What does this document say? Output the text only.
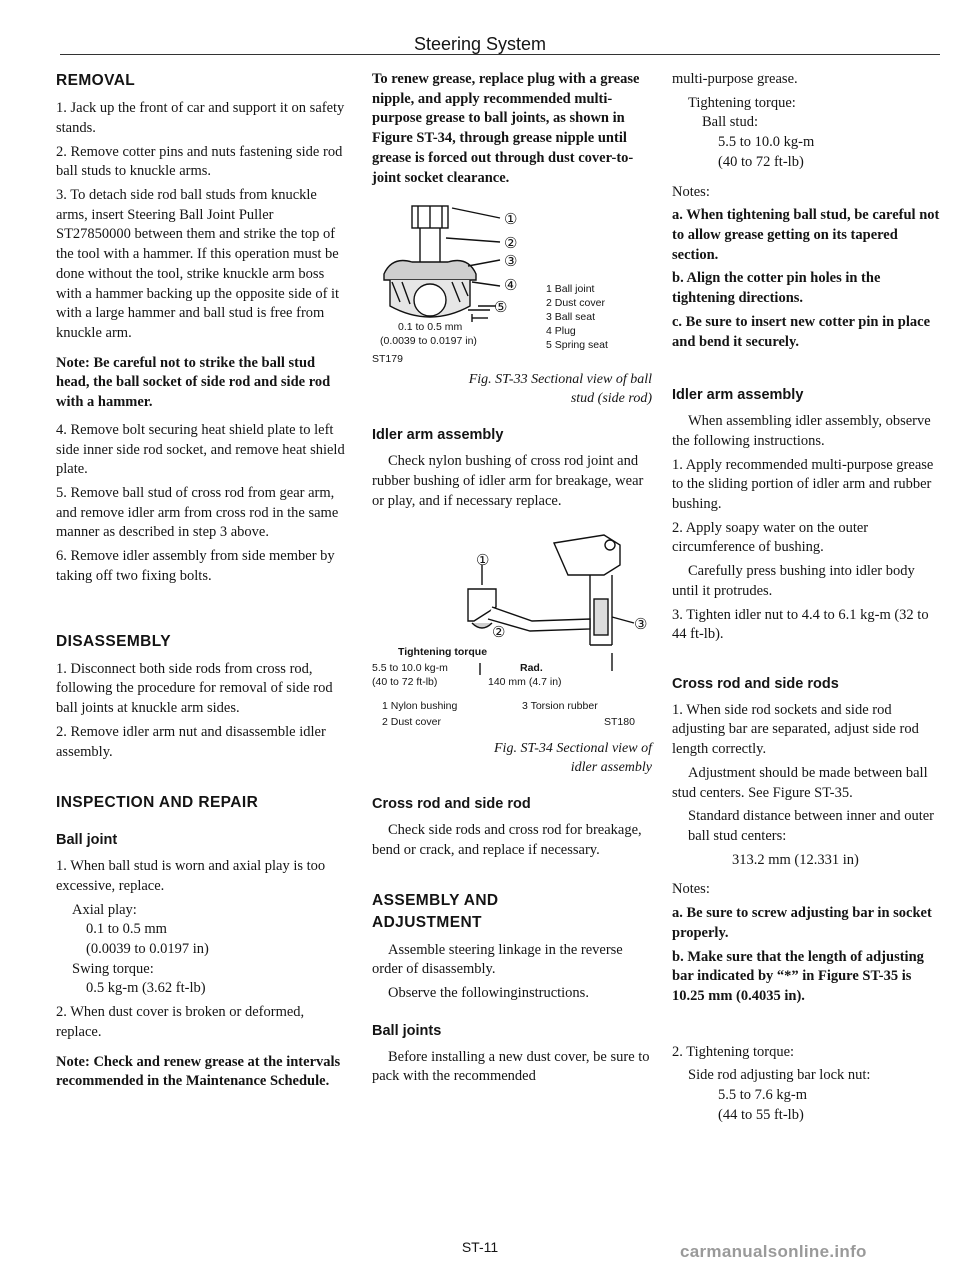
Steering System
REMOVAL

1. Jack up the front of car and support it on safety stands.

2. Remove cotter pins and nuts fastening side rod ball studs to knuckle arms.

3. To detach side rod ball studs from knuckle arms, insert Steering Ball Joint Puller ST27850000 between them and strike the top of the tool with a hammer. If this operation must be done without the tool, strike knuckle arm boss with a hammer backing up the opposite side of it with a large hammer and ball stud is free from knuckle arm.

Note: Be careful not to strike the ball stud head, the ball socket of side rod and side rod with a hammer.

4. Remove bolt securing heat shield plate to left side inner side rod socket, and remove heat shield plate.

5. Remove ball stud of cross rod from gear arm, and remove idler arm from cross rod in the same manner as described in step 3 above.

6. Remove idler assembly from side member by taking off two fixing bolts.

DISASSEMBLY

1. Disconnect both side rods from cross rod, following the procedure for removal of side rod ball joints at knuckle arm sides.

2. Remove idler arm nut and disassemble idler assembly.

INSPECTION AND REPAIR
Ball joint

1. When ball stud is worn and axial play is too excessive, replace.

Axial play:
0.1 to 0.5 mm
(0.0039 to 0.0197 in)
Swing torque:
0.5 kg-m (3.62 ft-lb)

2. When dust cover is broken or deformed, replace.

Note: Check and renew grease at the intervals recommended in the Maintenance Schedule.

To renew grease, replace plug with a grease nipple, and apply recommended multi-purpose grease to ball joints, as shown in Figure ST-34, through grease nipple until grease is forced out through dust cover-to-joint socket clearance.

①
②
③
④
⑤
0.1 to 0.5 mm
(0.0039 to 0.0197 in)
ST179
1 Ball joint
2 Dust cover
3 Ball seat
4 Plug
5 Spring seat
Fig. ST-33 Sectional view of ball
stud (side rod)
Idler arm assembly

Check nylon bushing of cross rod joint and rubber bushing of idler arm for breakage, wear or play, and if necessary replace.

①
②	③
Tightening torque
5.5 to 10.0 kg-m
(40 to 72 ft-lb)
Rad.
140 mm (4.7 in)
1 Nylon bushing
2 Dust cover
3 Torsion rubber
ST180
Fig. ST-34 Sectional view of
idler assembly
Cross rod and side rod

Check side rods and cross rod for breakage, bend or crack, and replace if necessary.

ASSEMBLY AND
ADJUSTMENT

Assemble steering linkage in the reverse order of disassembly.

Observe the followinginstructions.

Ball joints

Before installing a new dust cover, be sure to pack with the recommended

multi-purpose grease.

Tightening torque:
Ball stud:
5.5 to 10.0 kg-m
(40 to 72 ft-lb)

Notes:

a. When tightening ball stud, be careful not to allow grease getting on its tapered section.

b. Align the cotter pin holes in the tightening directions.

c. Be sure to insert new cotter pin in place and bend it securely.

Idler arm assembly

When assembling idler assembly, observe the following instructions.

1. Apply recommended multi-purpose grease to the sliding portion of idler arm and rubber bushing.

2. Apply soapy water on the outer circumference of bushing.

Carefully press bushing into idler body until it protrudes.

3. Tighten idler nut to 4.4 to 6.1 kg-m (32 to 44 ft-lb).

Cross rod and side rods

1. When side rod sockets and side rod adjusting bar are separated, adjust side rod length correctly.

Adjustment should be made between ball stud centers. See Figure ST-35.

Standard distance between inner and outer ball stud centers:

313.2 mm (12.331 in)

Notes:

a. Be sure to screw adjusting bar in socket properly.

b. Make sure that the length of adjusting bar indicated by “*” in Figure ST-35 is 10.25 mm (0.4035 in).

2. Tightening torque:

Side rod adjusting bar lock nut:
5.5 to 7.6 kg-m
(44 to 55 ft-lb)
ST-11	carmanualsonline.info
